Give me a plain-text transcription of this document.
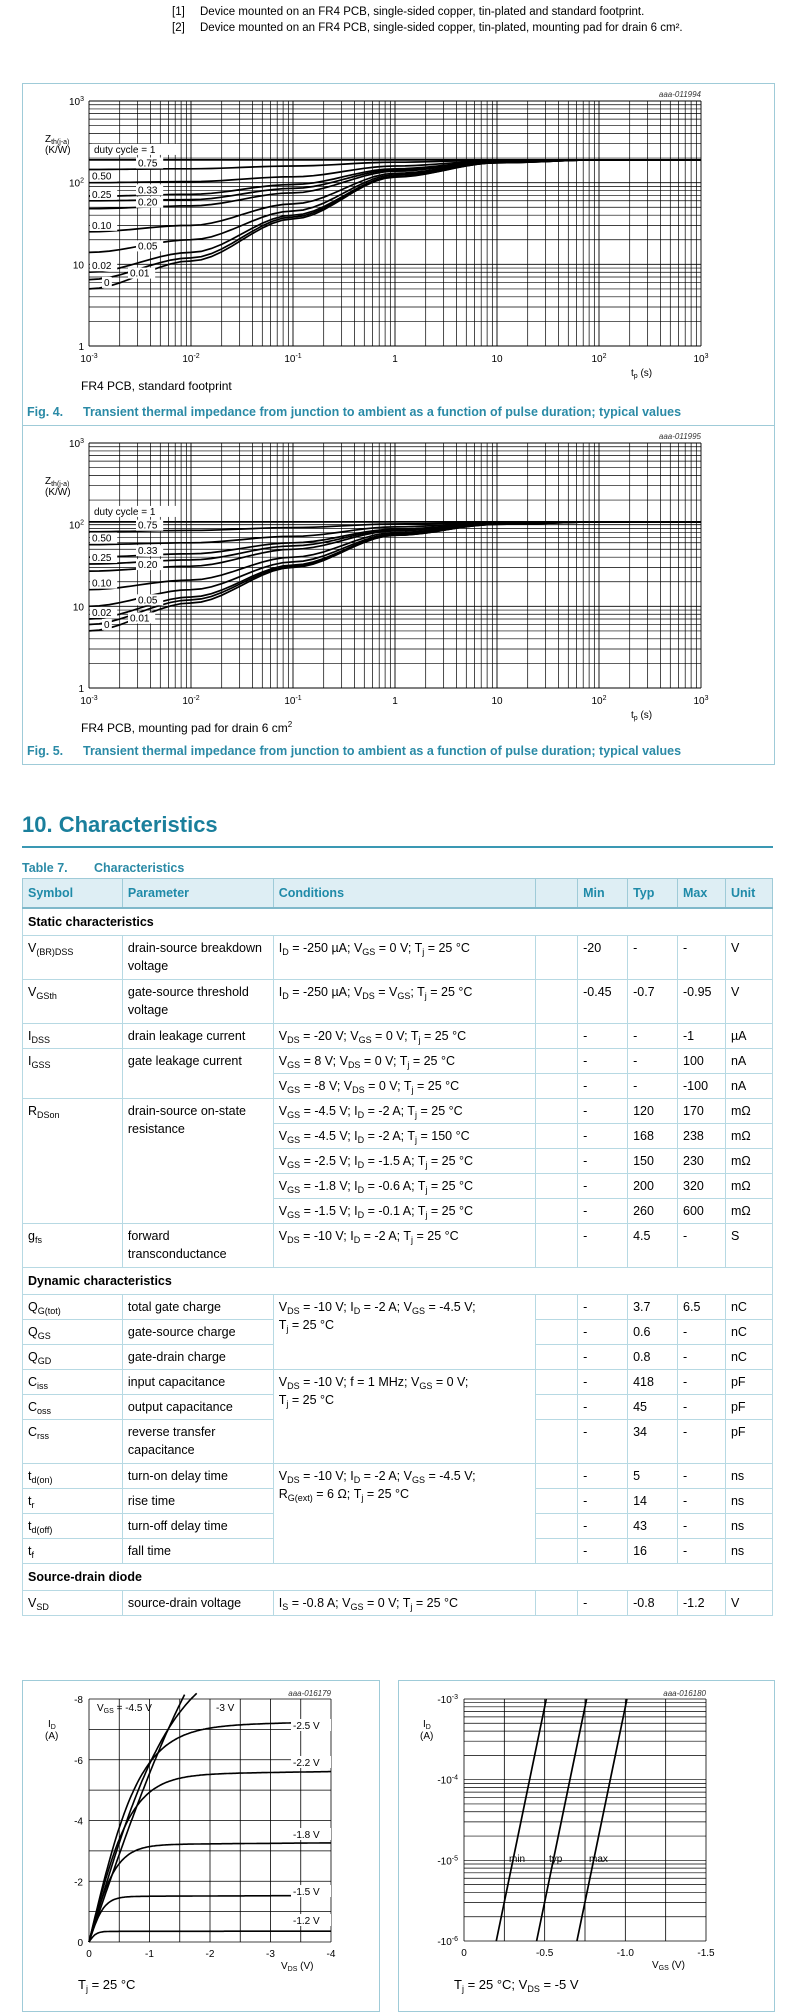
[1]	Device mounted on an FR4 PCB, single-sided copper, tin-plated and standard footprint.
[2]	Device mounted on an FR4 PCB, single-sided copper, tin-plated, mounting pad for drain 6 cm².
duty cycle = 1
0.75
0.50
0.33
0.25
0.20
0.10
0.05
0.02
0.01
0
$10^{-3}$	$10^{-2}$	$10^{-1}$	1	10	$10^2$	$10^3$
1
10
$10^2$
$10^3$
$Z_{th(j-a)}$
(K/W)
$t_p$ (s)
aaa-011994
FR4 PCB, standard footprint
Fig. 4. Transient thermal impedance from junction to ambient as a function of pulse duration; typical values
duty cycle = 1
0.75
0.50
0.33
0.25
0.20
0.10
0.05
0.02 0.01
0
$10^{-3}$	$10^{-2}$	$10^{-1}$	1	10	$10^2$	$10^3$
1
10
$10^2$
$10^3$
$Z_{th(j-a)}$
(K/W)
$t_p$ (s)
aaa-011995
FR4 PCB, mounting pad for drain 6 $cm^2$
Fig. 5. Transient thermal impedance from junction to ambient as a function of pulse duration; typical values
10. Characteristics
Table 7. Characteristics
Symbol	Parameter	Conditions		Min	Typ	Max	Unit
Static characteristics							
$V_{(BR)DSS}$	drain-source breakdown voltage	$I_D = -250$ µA; $V_{GS} = 0$ V; $T_j = 25$ °C		-20	-	-	V
$V_{GSth}$	gate-source threshold voltage	$I_D = -250$ µA; $V_{DS} = V_{GS}$; $T_j = 25$ °C		-0.45	-0.7	-0.95	V
$I_{DSS}$	drain leakage current	$V_{DS} = -20$ V; $V_{GS} = 0$ V; $T_j = 25$ °C		-	-	-1	µA
$I_{GSS}$	gate leakage current	$V_{GS} = 8$ V; $V_{DS} = 0$ V; $T_j = 25$ °C		-	-	100	nA
		$V_{GS} = -8$ V; $V_{DS} = 0$ V; $T_j = 25$ °C		-	-	-100	nA
$R_{DSon}$	drain-source on-state resistance	$V_{GS} = -4.5$ V; $I_D = -2$ A; $T_j = 25$ °C		-	120	170	mΩ
		$V_{GS} = -4.5$ V; $I_D = -2$ A; $T_j = 150$ °C		-	168	238	mΩ
		$V_{GS} = -2.5$ V; $I_D = -1.5$ A; $T_j = 25$ °C		-	150	230	mΩ
		$V_{GS} = -1.8$ V; $I_D = -0.6$ A; $T_j = 25$ °C		-	200	320	mΩ
		$V_{GS} = -1.5$ V; $I_D = -0.1$ A; $T_j = 25$ °C		-	260	600	mΩ
$g_{fs}$	forward transconductance	$V_{DS} = -10$ V; $I_D = -2$ A; $T_j = 25$ °C		-	4.5	-	S
Dynamic characteristics							
$Q_{G(tot)}$	total gate charge	$V_{DS} = -10$ V; $I_D = -2$ A; $V_{GS} = -4.5$ V;
$T_j = 25$ °C		-	3.7	6.5	nC
$Q_{GS}$	gate-source charge			-	0.6	-	nC
$Q_{GD}$	gate-drain charge			-	0.8	-	nC
$C_{iss}$	input capacitance	$V_{DS} = -10$ V; f = 1 MHz; $V_{GS} = 0$ V;
$T_j = 25$ °C		-	418	-	pF
$C_{oss}$	output capacitance			-	45	-	pF
$C_{rss}$	reverse transfer capacitance			-	34	-	pF
$t_{d(on)}$	turn-on delay time	$V_{DS} = -10$ V; $I_D = -2$ A; $V_{GS} = -4.5$ V;
$R_{G(ext)} = 6$ Ω; $T_j = 25$ °C		-	5	-	ns
$t_r$	rise time			-	14	-	ns
$t_{d(off)}$	turn-off delay time			-	43	-	ns
$t_f$	fall time			-	16	-	ns
Source-drain diode							
$V_{SD}$	source-drain voltage	$I_S = -0.8$ A; $V_{GS} = 0$ V; $T_j = 25$ °C		-	-0.8	-1.2	V
$V_{GS} = -4.5$ V	-3 V
-2.5 V
-2.2 V
-1.8 V
-1.5 V
-1.2 V
0
-2
-4
-6
-8
0	-1	-2	-3	-4
$I_D$
(A)
$V_{DS}$ (V)
aaa-016179
$T_j = 25$ °C
min typ	max
$-10^{-3}$
$-10^{-4}$
$-10^{-5}$
$-10^{-6}$
0	-0.5	-1.0	-1.5
$I_D$
(A)
$V_{GS}$ (V)
aaa-016180
$T_j = 25$ °C; $V_{DS} = -5$ V
